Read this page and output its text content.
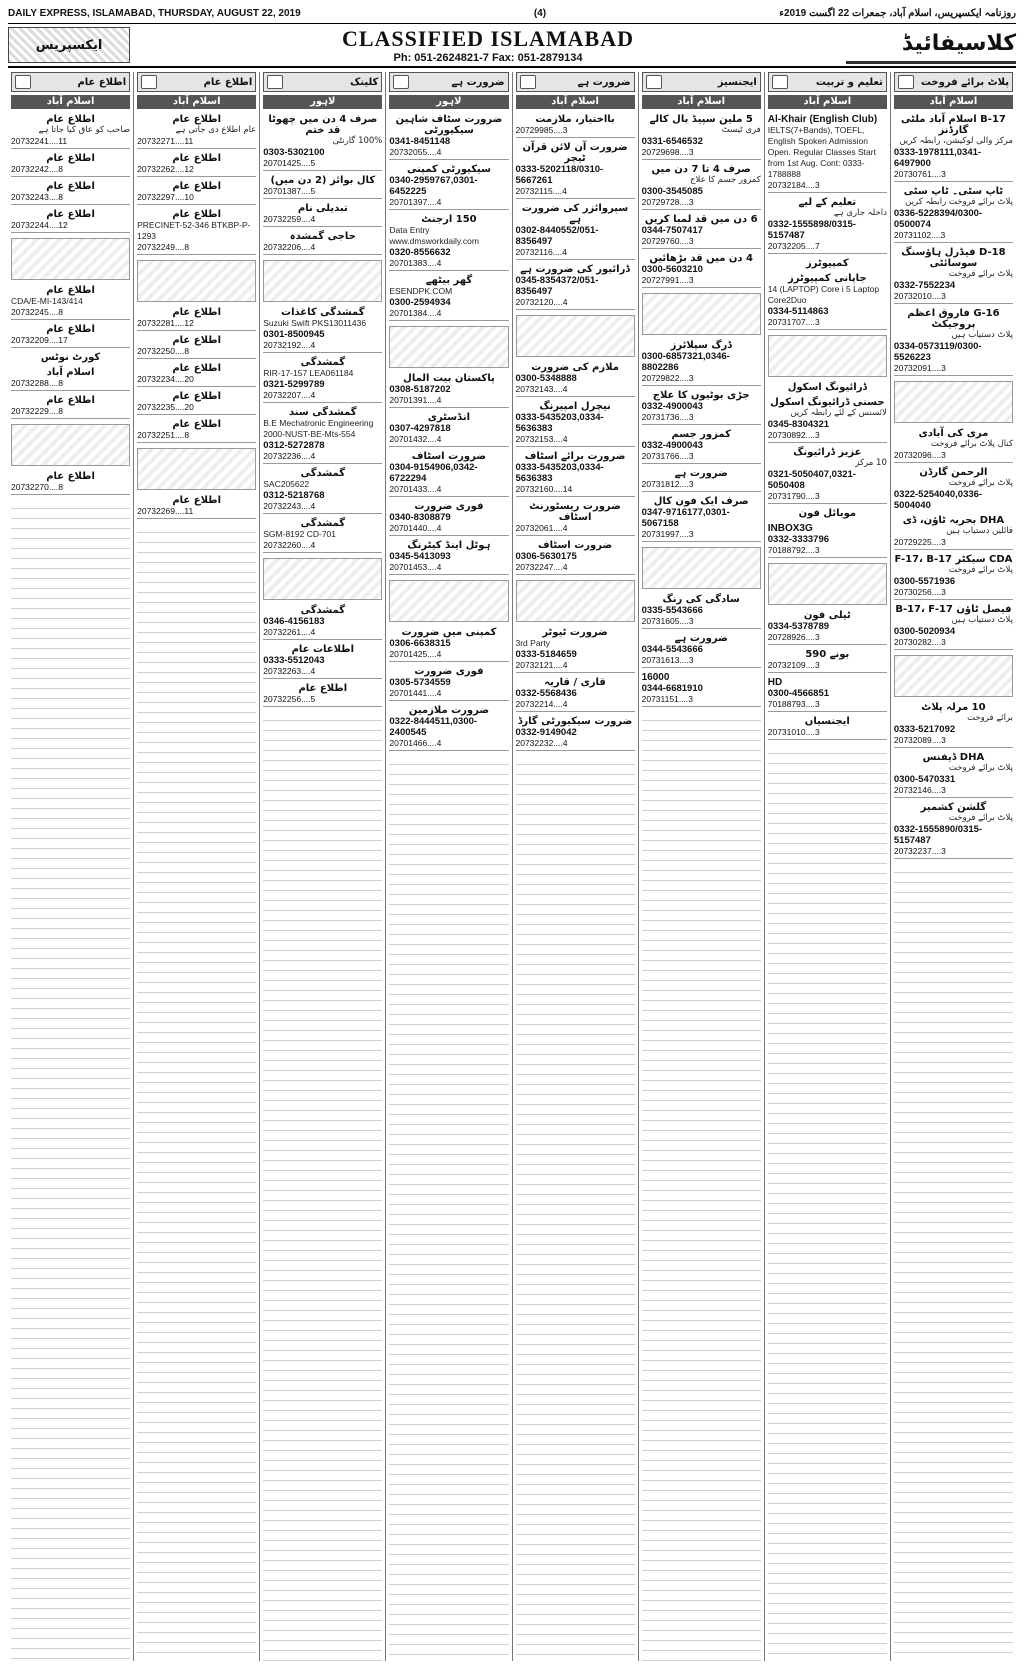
DAILY EXPRESS, ISLAMABAD, THURSDAY, AUGUST 22, 2019	(4)	روزنامہ ایکسپریس، اسلام آباد، جمعرات 22 اگست 2019ء
ایکسپریس	CLASSIFIED ISLAMABAD
Ph: 051-2624821-7 Fax: 051-2879134
کلاسیفائیڈ
پلاٹ برائے فروخت
اسلام آباد
B-17 اسلام آباد ملٹی گارڈنز
مرکز والی لوکیشن، رابطہ کریں
0333-1978111,0341-6497900
20730761....3
ٹاپ سٹی۔ ٹاپ سٹی
پلاٹ برائے فروخت رابطہ کریں
0336-5228394/0300-0500074
20731102....3
D-18 فیڈرل ہاؤسنگ سوسائٹی
پلاٹ برائے فروخت
0332-7552234
20732010....3
G-16 فاروق اعظم پروجیکٹ
پلاٹ دستیاب ہیں
0334-0573119/0300-5526223
20732091....3
مری کی آبادی
کنال پلاٹ برائے فروخت
20732096....3
الرحمن گارڈن
پلاٹ برائے فروخت
0322-5254040,0336-5004040
DHA بحریہ ٹاؤن، ڈی
فائلیں دستیاب ہیں
20729225....3
CDA سیکٹر F-17، B-17
پلاٹ برائے فروخت
0300-5571936
20730256....3
فیصل ٹاؤن B-17، F-17
پلاٹ دستیاب ہیں
0300-5020934
20730282....3
10 مرلہ پلاٹ
برائے فروخت
0333-5217092
20732089....3
DHA ڈیفنس
پلاٹ برائے فروخت
0300-5470331
20732146....3
گلشن کشمیر
پلاٹ برائے فروخت
0332-1555890/0315-5157487
20732237....3
تعلیم و تربیت
اسلام آباد
Al-Khair (English Club)
IELTS(7+Bands), TOEFL, English Spoken Admission Open. Regular Classes Start from 1st Aug. Cont: 0333-1788888
20732184....3
تعلیم کے لیے
داخلہ جاری ہے
0332-1555898/0315-5157487
20732205....7
کمپیوٹرز
جاپانی کمپیوٹرز
14 (LAPTOP) Core i 5 Laptop Core2Duo
0334-5114863
20731707....3
ڈرائیونگ اسکول
حسنی ڈرائیونگ اسکول
لائسنس کے لئے رابطہ کریں
0345-8304321
20730892....3
عزیز ڈرائیونگ
10 مرکز
0321-5050407,0321-5050408
20731790....3
موبائل فون
INBOX3G
0332-3333796
70188792....3
ٹیلی فون
0334-5378789
20728926....3
بونے 590
20732109....3
HD
0300-4566851
70188793....3
ایجنسیاں
20731010....3
ایجنسیز
اسلام آباد
5 ملین سپیڈ بال کالے
فری ٹیسٹ
0331-6546532
20729698....3
صرف 4 تا 7 دن میں
کمزور جسم کا علاج
0300-3545085
20729728....3
6 دن میں قد لمبا کریں
0344-7507417
20729760....3
4 دن میں قد بڑھائیں
0300-5603210
20727991....3
ڈرگ سپلائرز
0300-6857321,0346-8802286
20729822....3
جڑی بوٹیوں کا علاج
0332-4900043
20731736....3
کمزور جسم
0332-4900043
20731766....3
ضرورت ہے
20731812....3
صرف ایک فون کال
0347-9716177,0301-5067158
20731997....3
سادگی کی رنگ
0335-5543666
20731605....3
ضرورت ہے
0344-5543666
20731613....3
16000
0344-6681910
20731151....3
ضرورت ہے
اسلام آباد
بااختیار، ملازمت
20729985....3
ضرورت آن لائن قرآن ٹیچر
0333-5202118/0310-5667261
20732115....4
سپروائزر کی ضرورت ہے
0302-8440552/051-8356497
20732116....4
ڈرائیور کی ضرورت ہے
0345-8354372/051-8356497
20732120....4
ملازم کی ضرورت
0300-5348888
20732143....4
نیچرل امپیرنگ
0333-5435203,0334-5636383
20732153....4
ضرورت برائے اسٹاف
0333-5435203,0334-5636383
20732160....14
ضرورت ریسٹورنٹ اسٹاف
20732061....4
ضرورت اسٹاف
0306-5630175
20732247....4
ضرورت ٹیوٹر
3rd Party
0333-5184659
20732121....4
قاری / قاریہ
0332-5568436
20732214....4
ضرورت سیکیورٹی گارڈ
0332-9149042
20732232....4
ضرورت ہے
لاہور
ضرورت سٹاف شاہین سیکیورٹی
0341-8451148
20732055....4
سیکیورٹی کمپنی
0340-2959767,0301-6452225
20701397....4
150 ارجنٹ
Data Entry www.dmsworkdaily.com
0320-8556632
20701383....4
گھر بیٹھے
ESENDPK.COM
0300-2594934
20701384....4
پاکستان بیت المال
0308-5187202
20701391....4
انڈسٹری
0307-4297818
20701432....4
ضرورت اسٹاف
0304-9154906,0342-6722294
20701433....4
فوری ضرورت
0340-8308879
20701440....4
ہوٹل اینڈ کیٹرنگ
0345-5413093
20701453....4
کمپنی میں ضرورت
0306-6638315
20701425....4
فوری ضرورت
0305-5734559
20701441....4
ضرورت ملازمین
0322-8444511,0300-2400545
20701466....4
کلینک
لاہور
صرف 4 دن میں چھوٹا قد ختم
100% گارنٹی
0303-5302100
20701425....5
کال بوائز (2 دن میں)
20701387....5
تبدیلی نام
20732259....4
حاجی گمشدہ
20732206....4
گمشدگی کاغذات
Suzuki Swift PKS13011436
0301-8500945
20732192....4
گمشدگی
RIR-17-157 LEA061184
0321-5299789
20732207....4
گمشدگی سند
B.E Mechatronic Engineering 2000-NUST-BE-Mts-554
0312-5272878
20732236....4
گمشدگی
SAC205622
0312-5218768
20732243....4
گمشدگی
SGM-8192 CD-701
20732260....4
گمشدگی
0346-4156183
20732261....4
اطلاعات عام
0333-5512043
20732263....4
اطلاع عام
20732256....5
اطلاع عام
اسلام آباد
اطلاع عام
عام اطلاع دی جاتی ہے
20732271....11
اطلاع عام
20732262....12
اطلاع عام
20732297....10
اطلاع عام
PRECINET-52-346 BTKBP-P-1293
20732249....8
اطلاع عام
20732281....12
اطلاع عام
20732250....8
اطلاع عام
20732234....20
اطلاع عام
20732235....20
اطلاع عام
20732251....8
اطلاع عام
20732269....11
اطلاع عام
اسلام آباد
اطلاع عام
صاحب کو عاق کیا جاتا ہے
20732241....11
اطلاع عام
20732242....8
اطلاع عام
20732243....8
اطلاع عام
20732244....12
اطلاع عام
CDA/E-MI-143/414
20732245....8
اطلاع عام
20732209....17
کورٹ نوٹس
اسلام آباد
20732288....8
اطلاع عام
20732229....8
اطلاع عام
20732270....8
